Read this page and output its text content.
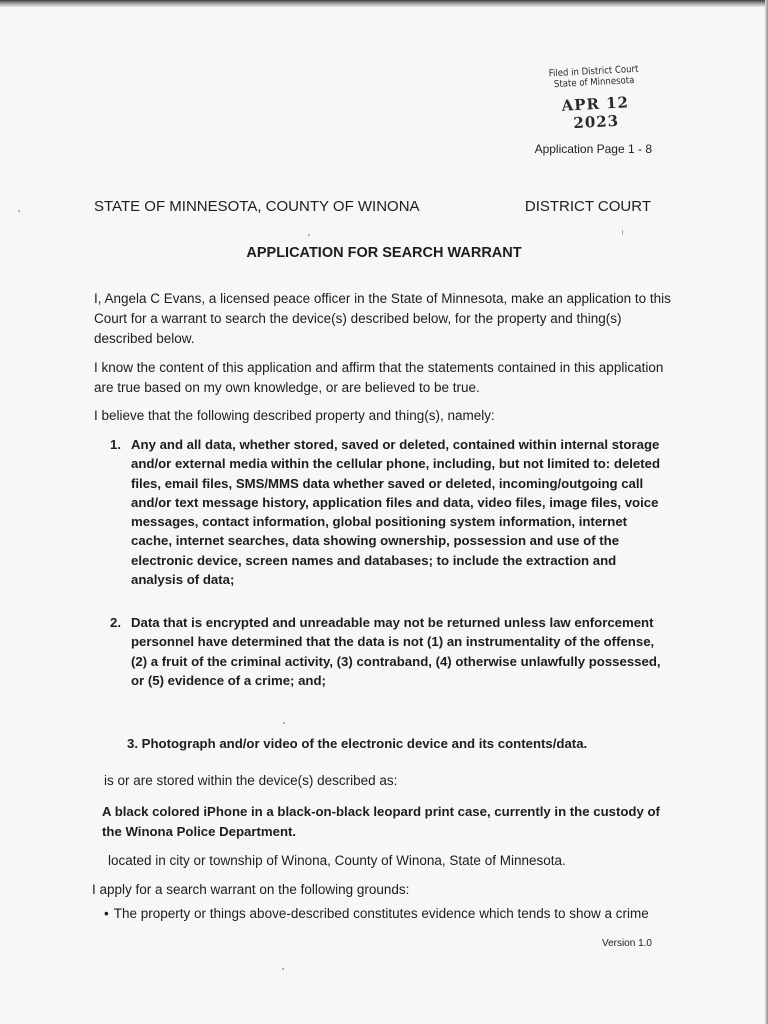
Filed in District Court
State of Minnesota
APR 12 2023
Application Page 1 - 8
STATE OF MINNESOTA, COUNTY OF WINONA	DISTRICT COURT
APPLICATION FOR SEARCH WARRANT
I, Angela C Evans, a licensed peace officer in the State of Minnesota, make an application to this Court for a warrant to search the device(s) described below, for the property and thing(s) described below.
I know the content of this application and affirm that the statements contained in this application are true based on my own knowledge, or are believed to be true.
I believe that the following described property and thing(s), namely:
1. Any and all data, whether stored, saved or deleted, contained within internal storage and/or external media within the cellular phone, including, but not limited to: deleted files, email files, SMS/MMS data whether saved or deleted, incoming/outgoing call and/or text message history, application files and data, video files, image files, voice messages, contact information, global positioning system information, internet cache, internet searches, data showing ownership, possession and use of the electronic device, screen names and databases; to include the extraction and analysis of data;
2. Data that is encrypted and unreadable may not be returned unless law enforcement personnel have determined that the data is not (1) an instrumentality of the offense, (2) a fruit of the criminal activity, (3) contraband, (4) otherwise unlawfully possessed, or (5) evidence of a crime; and;
3. Photograph and/or video of the electronic device and its contents/data.
is or are stored within the device(s) described as:
A black colored iPhone in a black-on-black leopard print case, currently in the custody of the Winona Police Department.
located in city or township of Winona, County of Winona, State of Minnesota.
I apply for a search warrant on the following grounds:
• The property or things above-described constitutes evidence which tends to show a crime
Version 1.0
